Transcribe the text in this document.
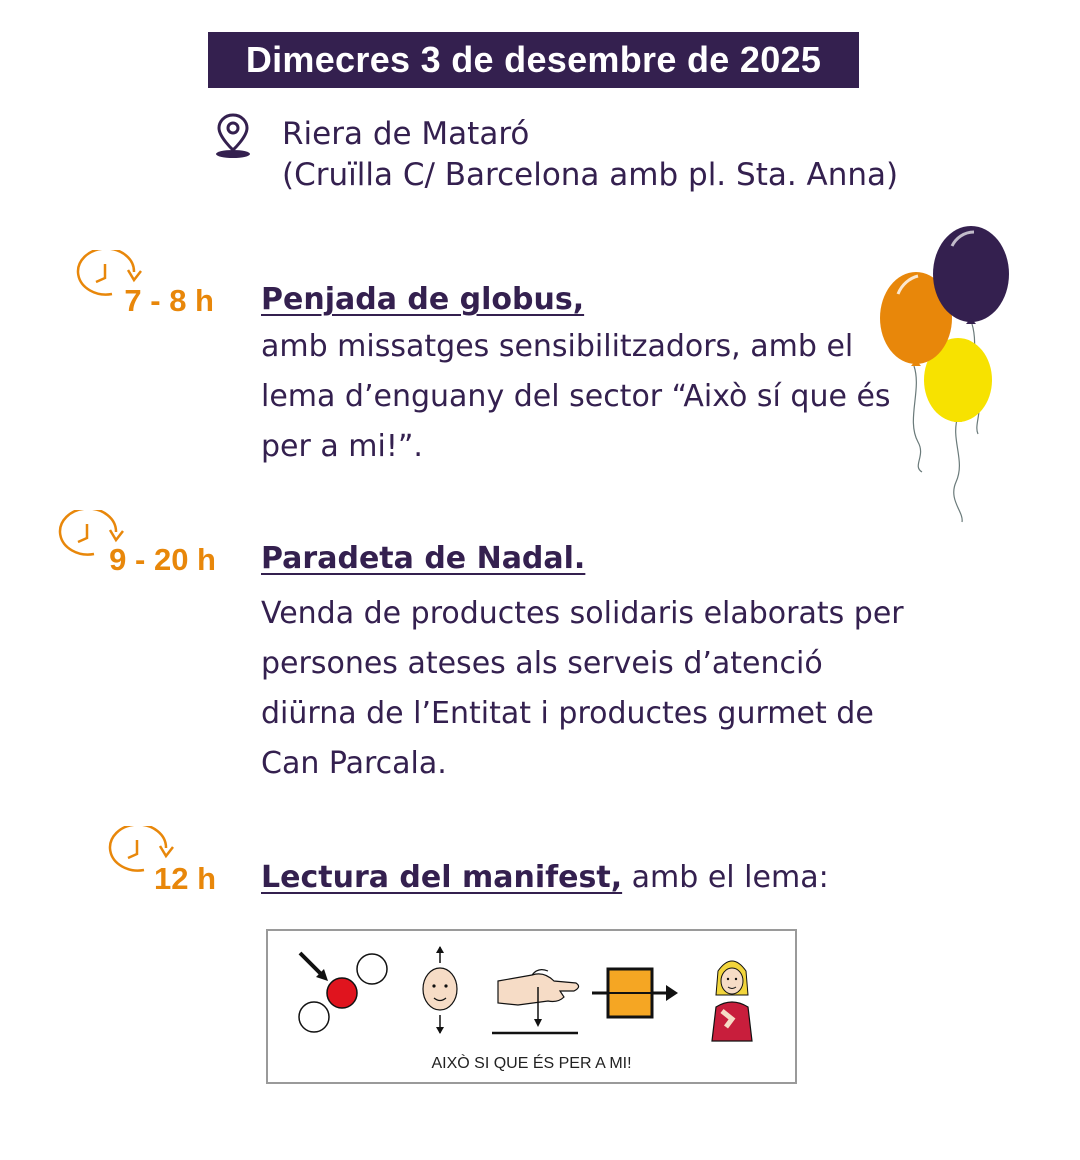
Dimecres 3 de desembre de 2025
Riera de Mataró
(Cruïlla C/ Barcelona amb pl. Sta. Anna)
7 - 8 h Penjada de globus,
amb missatges sensibilitzadors, amb el
lema d’enguany del sector “Això sí que és
per a mi!”.
9 - 20 h Paradeta de Nadal.
Venda de productes solidaris elaborats per
persones ateses als serveis d’atenció
diürna de l’Entitat i productes gurmet de
Can Parcala.
12 h Lectura del manifest, amb el lema:
AIXÒ SI QUE ÉS PER A MI!
